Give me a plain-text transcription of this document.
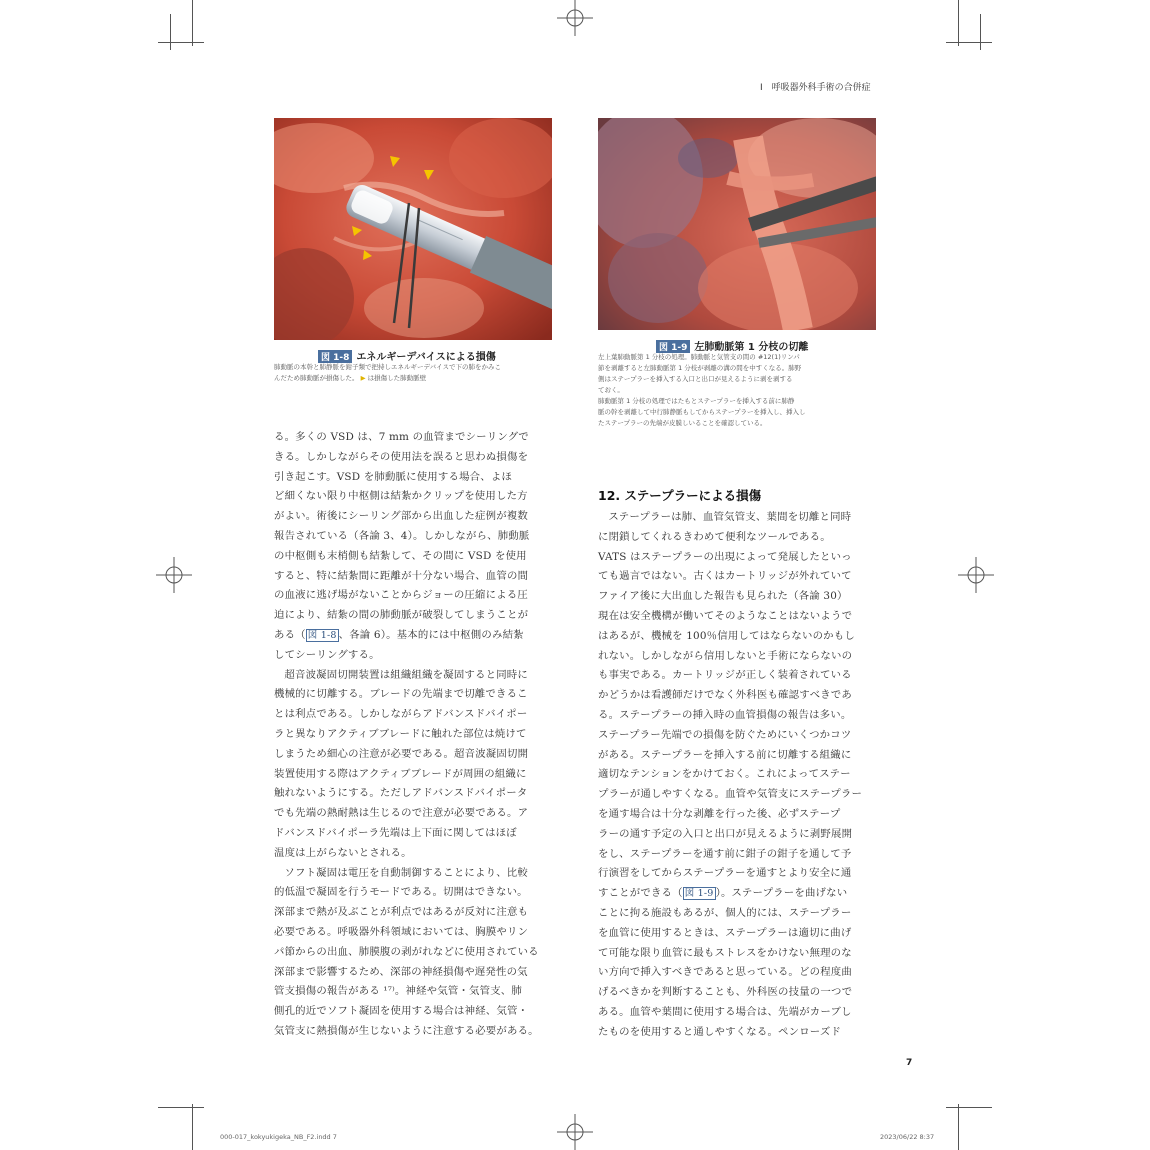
Ⅰ　呼吸器外科手術の合併症
図 1-8 エネルギーデバイスによる損傷
肺動脈の本幹と肺静脈を鉗子類で把持しエネルギーデバイスで下の肺をかみこ
んだため肺動脈が損傷した。 ▶ は損傷した肺動脈壁
図 1-9 左肺動脈第 1 分枝の切離
左上葉肺動脈第 1 分枝の処理。肺動脈と気管支の間の #12(1)リンパ
節を剥離すると左肺動脈第 1 分枝が剥離の溝の間を中すくなる。肺野
側はステープラーを挿入する入口と出口が見えるように剥を剥する
ておく。
肺動脈第 1 分枝の処理ではたもとステープラーを挿入する前に肺静
脈の幹を剥離して中行肺静脈もしてからステープラーを挿入し、挿入し
たステープラーの先端が皮膜しいることを確認している。
る。多くの VSD は、7 mm の血管までシーリングで
きる。しかしながらその使用法を誤ると思わぬ損傷を
引き起こす。VSD を肺動脈に使用する場合、よほ
ど細くない限り中枢側は結紮かクリップを使用した方
がよい。術後にシーリング部から出血した症例が複数
報告されている（各論 3、4）。しかしながら、肺動脈
の中枢側も末梢側も結紮して、その間に VSD を使用
すると、特に結紮間に距離が十分ない場合、血管の間
の血液に逃げ場がないことからジョーの圧縮による圧
迫により、結紮の間の肺動脈が破裂してしまうことが
ある（ 図 1-8 、各論 6）。基本的には中枢側のみ結紮
してシーリングする。
超音波凝固切開装置は組織組織を凝固すると同時に
機械的に切離する。ブレードの先端まで切離できるこ
とは利点である。しかしながらアドバンスドバイポー
ラと異なりアクティブブレードに触れた部位は焼けて
しまうため細心の注意が必要である。超音波凝固切開
装置使用する際はアクティブブレードが周囲の組織に
触れないようにする。ただしアドバンスドバイポータ
でも先端の熱耐熱は生じるので注意が必要である。ア
ドバンスドバイポーラ先端は上下面に関してはほぼ
温度は上がらないとされる。
ソフト凝固は電圧を自動制御することにより、比較
的低温で凝固を行うモードである。切開はできない。
深部まで熱が及ぶことが利点ではあるが反対に注意も
必要である。呼吸器外科領域においては、胸膜やリン
パ節からの出血、肺膜腹の剥がれなどに使用されている
深部まで影響するため、深部の神経損傷や遅発性の気
管支損傷の報告がある ¹⁷⁾。神経や気管・気管支、肺
側孔的近でソフト凝固を使用する場合は神経、気管・
気管支に熱損傷が生じないように注意する必要がある。
12. ステープラーによる損傷
ステープラーは肺、血管気管支、葉間を切離と同時
に閉鎖してくれるきわめて便利なツールである。
VATS はステープラーの出現によって発展したといっ
ても過言ではない。古くはカートリッジが外れていて
ファイア後に大出血した報告も見られた（各論 30）
現在は安全機構が働いてそのようなことはないようで
はあるが、機械を 100％信用してはならないのかもし
れない。しかしながら信用しないと手術にならないの
も事実である。カートリッジが正しく装着されている
かどうかは看護師だけでなく外科医も確認すべきであ
る。ステープラーの挿入時の血管損傷の報告は多い。
ステープラー先端での損傷を防ぐためにいくつかコツ
がある。ステープラーを挿入する前に切離する組織に
適切なテンションをかけておく。これによってステー
プラーが通しやすくなる。血管や気管支にステープラー
を通す場合は十分な剥離を行った後、必ずステープ
ラーの通す予定の入口と出口が見えるように剥野展開
をし、ステープラーを通す前に鉗子の鉗子を通して予
行演習をしてからステープラーを通すとより安全に通
すことができる（ 図 1-9 ）。ステープラーを曲げない
ことに拘る施設もあるが、個人的には、ステープラー
を血管に使用するときは、ステープラーは適切に曲げ
て可能な限り血管に最もストレスをかけない無理のな
い方向で挿入すべきであると思っている。どの程度曲
げるべきかを判断することも、外科医の技量の一つで
ある。血管や葉間に使用する場合は、先端がカーブし
たものを使用すると通しやすくなる。ペンローズド
7
000-017_kokyukigeka_NB_F2.indd 7	2023/06/22 8:37
